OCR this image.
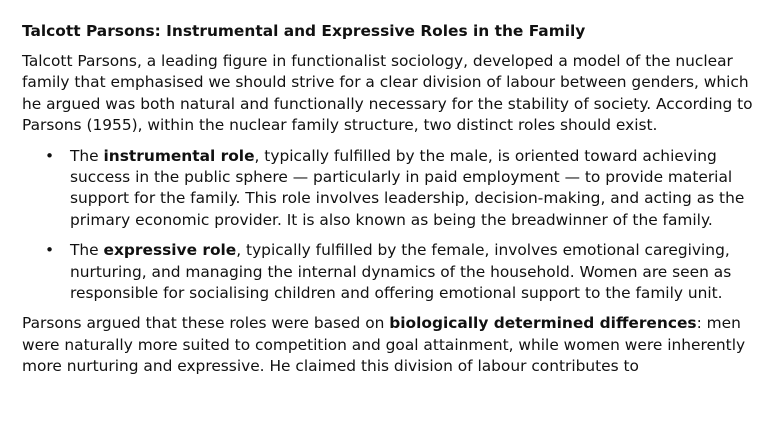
Talcott Parsons: Instrumental and Expressive Roles in the Family

Talcott Parsons, a leading figure in functionalist sociology, developed a model of the nuclear family that emphasised we should strive for a clear division of labour between genders, which he argued was both natural and functionally necessary for the stability of society. According to Parsons (1955), within the nuclear family structure, two distinct roles should exist.

• The instrumental role, typically fulfilled by the male, is oriented toward achieving success in the public sphere — particularly in paid employment — to provide material support for the family. This role involves leadership, decision-making, and acting as the primary economic provider. It is also known as being the breadwinner of the family.
• The expressive role, typically fulfilled by the female, involves emotional caregiving, nurturing, and managing the internal dynamics of the household. Women are seen as responsible for socialising children and offering emotional support to the family unit.

Parsons argued that these roles were based on biologically determined differences: men were naturally more suited to competition and goal attainment, while women were inherently more nurturing and expressive. He claimed this division of labour contributes to
